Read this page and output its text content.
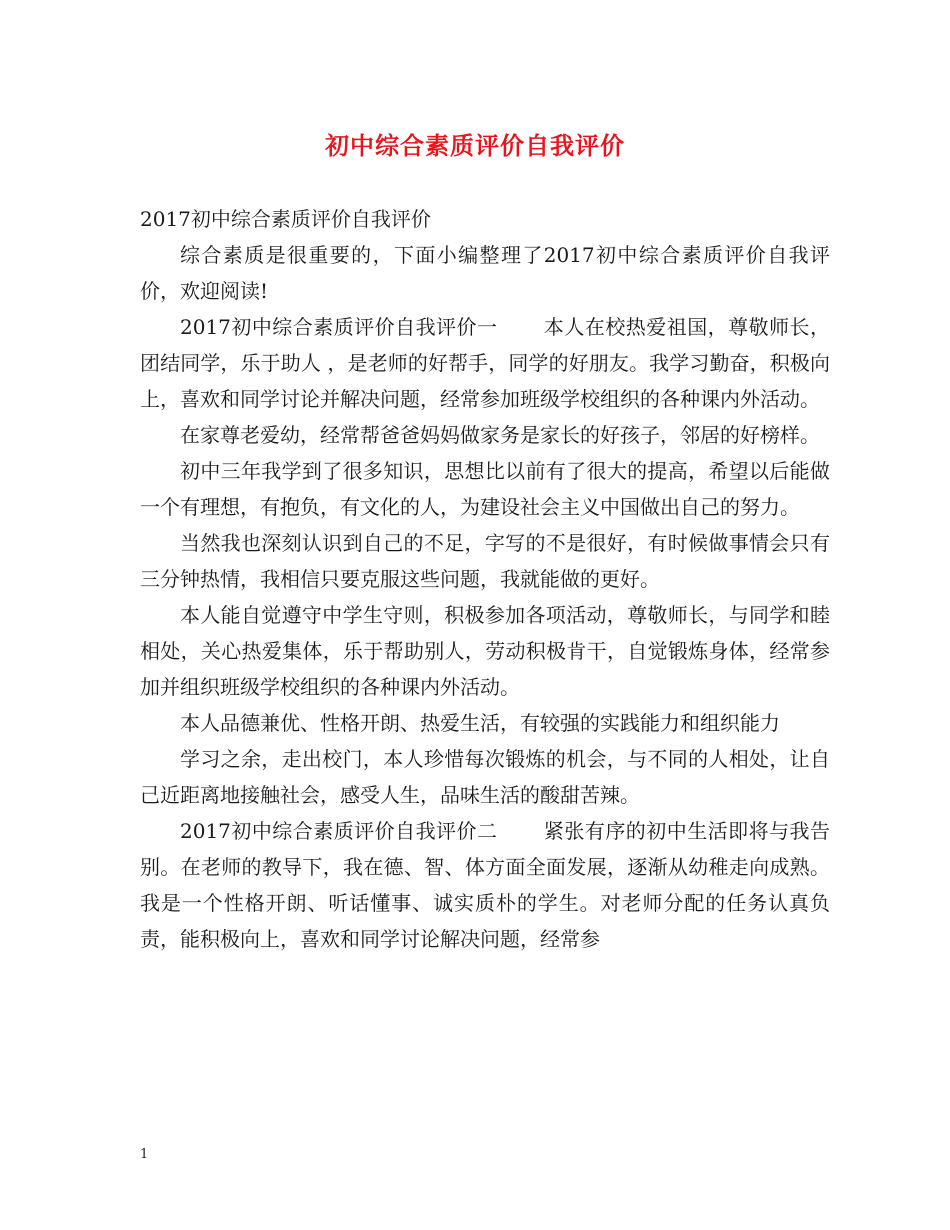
初中综合素质评价自我评价

2017初中综合素质评价自我评价

综合素质是很重要的，下面小编整理了2017初中综合素质评价自我评价，欢迎阅读!

2017初中综合素质评价自我评价一 本人在校热爱祖国，尊敬师长，团结同学，乐于助人 ，是老师的好帮手，同学的好朋友。我学习勤奋，积极向上，喜欢和同学讨论并解决问题，经常参加班级学校组织的各种课内外活动。

在家尊老爱幼，经常帮爸爸妈妈做家务是家长的好孩子，邻居的好榜样。

初中三年我学到了很多知识，思想比以前有了很大的提高，希望以后能做一个有理想，有抱负，有文化的人，为建设社会主义中国做出自己的努力。

当然我也深刻认识到自己的不足，字写的不是很好，有时候做事情会只有三分钟热情，我相信只要克服这些问题，我就能做的更好。

本人能自觉遵守中学生守则，积极参加各项活动，尊敬师长，与同学和睦相处，关心热爱集体，乐于帮助别人，劳动积极肯干，自觉锻炼身体，经常参加并组织班级学校组织的各种课内外活动。

本人品德兼优、性格开朗、热爱生活，有较强的实践能力和组织能力

学习之余，走出校门，本人珍惜每次锻炼的机会，与不同的人相处，让自己近距离地接触社会，感受人生，品味生活的酸甜苦辣。

2017初中综合素质评价自我评价二 紧张有序的初中生活即将与我告别。在老师的教导下，我在德、智、体方面全面发展，逐渐从幼稚走向成熟。我是一个性格开朗、听话懂事、诚实质朴的学生。对老师分配的任务认真负责，能积极向上，喜欢和同学讨论解决问题，经常参

1
